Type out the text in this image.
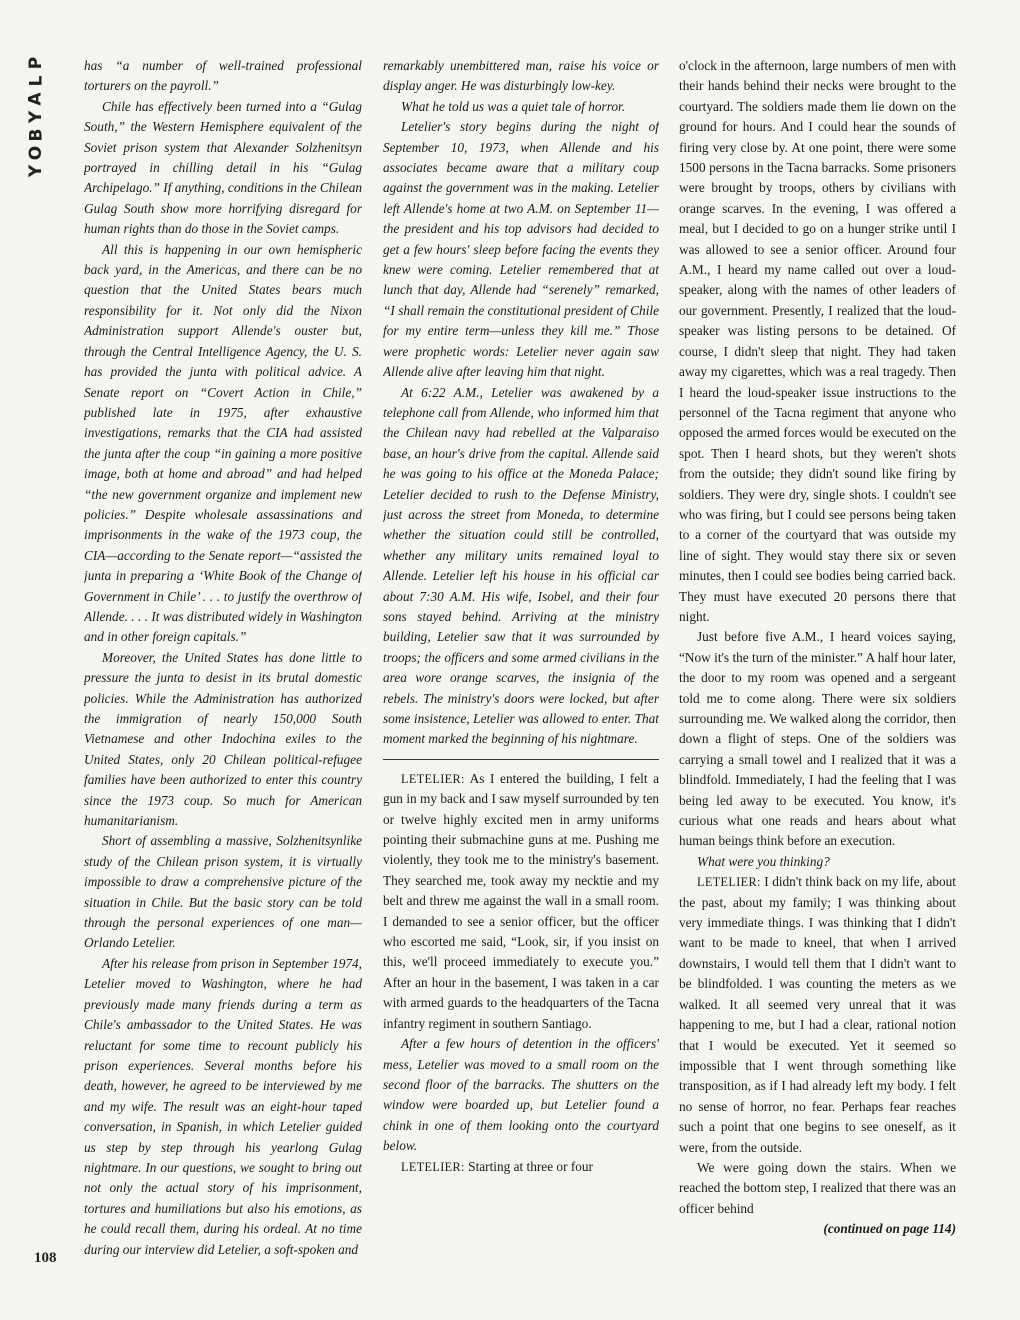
P
L
A
Y
B
O
Y
108

has “a number of well-trained professional torturers on the payroll.”

Chile has effectively been turned into a “Gulag South,” the Western Hemisphere equivalent of the Soviet prison system that Alexander Solzhenitsyn portrayed in chilling detail in his “Gulag Archipelago.” If anything, conditions in the Chilean Gulag South show more horrifying disregard for human rights than do those in the Soviet camps.

All this is happening in our own hemispheric back yard, in the Americas, and there can be no question that the United States bears much responsibility for it. Not only did the Nixon Administration support Allende's ouster but, through the Central Intelligence Agency, the U. S. has provided the junta with political advice. A Senate report on “Covert Action in Chile,” published late in 1975, after exhaustive investigations, remarks that the CIA had assisted the junta after the coup “in gaining a more positive image, both at home and abroad” and had helped “the new government organize and implement new policies.” Despite wholesale assassinations and imprisonments in the wake of the 1973 coup, the CIA—according to the Senate report—“assisted the junta in preparing a ‘White Book of the Change of Government in Chile’ . . . to justify the overthrow of Allende. . . . It was distributed widely in Washington and in other foreign capitals.”

Moreover, the United States has done little to pressure the junta to desist in its brutal domestic policies. While the Administration has authorized the immigration of nearly 150,000 South Vietnamese and other Indochina exiles to the United States, only 20 Chilean political-refugee families have been authorized to enter this country since the 1973 coup. So much for American humanitarianism.

Short of assembling a massive, Solzhenitsynlike study of the Chilean prison system, it is virtually impossible to draw a comprehensive picture of the situation in Chile. But the basic story can be told through the personal experiences of one man—Orlando Letelier.

After his release from prison in September 1974, Letelier moved to Washington, where he had previously made many friends during a term as Chile's ambassador to the United States. He was reluctant for some time to recount publicly his prison experiences. Several months before his death, however, he agreed to be interviewed by me and my wife. The result was an eight-hour taped conversation, in Spanish, in which Letelier guided us step by step through his yearlong Gulag nightmare. In our questions, we sought to bring out not only the actual story of his imprisonment, tortures and humiliations but also his emotions, as he could recall them, during his ordeal. At no time during our interview did Letelier, a soft-spoken and

remarkably unembittered man, raise his voice or display anger. He was disturbingly low-key.

What he told us was a quiet tale of horror.

Letelier's story begins during the night of September 10, 1973, when Allende and his associates became aware that a military coup against the government was in the making. Letelier left Allende's home at two A.M. on September 11—the president and his top advisors had decided to get a few hours' sleep before facing the events they knew were coming. Letelier remembered that at lunch that day, Allende had “serenely” remarked, “I shall remain the constitutional president of Chile for my entire term—unless they kill me.” Those were prophetic words: Letelier never again saw Allende alive after leaving him that night.

At 6:22 A.M., Letelier was awakened by a telephone call from Allende, who informed him that the Chilean navy had rebelled at the Valparaiso base, an hour's drive from the capital. Allende said he was going to his office at the Moneda Palace; Letelier decided to rush to the Defense Ministry, just across the street from Moneda, to determine whether the situation could still be controlled, whether any military units remained loyal to Allende. Letelier left his house in his official car about 7:30 A.M. His wife, Isobel, and their four sons stayed behind. Arriving at the ministry building, Letelier saw that it was surrounded by troops; the officers and some armed civilians in the area wore orange scarves, the insignia of the rebels. The ministry's doors were locked, but after some insistence, Letelier was allowed to enter. That moment marked the beginning of his nightmare.

LETELIER: As I entered the building, I felt a gun in my back and I saw myself surrounded by ten or twelve highly excited men in army uniforms pointing their submachine guns at me. Pushing me violently, they took me to the ministry's basement. They searched me, took away my necktie and my belt and threw me against the wall in a small room. I demanded to see a senior officer, but the officer who escorted me said, “Look, sir, if you insist on this, we'll proceed immediately to execute you.” After an hour in the basement, I was taken in a car with armed guards to the headquarters of the Tacna infantry regiment in southern Santiago.

After a few hours of detention in the officers' mess, Letelier was moved to a small room on the second floor of the barracks. The shutters on the window were boarded up, but Letelier found a chink in one of them looking onto the courtyard below.

LETELIER: Starting at three or four

o'clock in the afternoon, large numbers of men with their hands behind their necks were brought to the courtyard. The soldiers made them lie down on the ground for hours. And I could hear the sounds of firing very close by. At one point, there were some 1500 persons in the Tacna barracks. Some prisoners were brought by troops, others by civilians with orange scarves. In the evening, I was offered a meal, but I decided to go on a hunger strike until I was allowed to see a senior officer. Around four A.M., I heard my name called out over a loud-speaker, along with the names of other leaders of our government. Presently, I realized that the loud-speaker was listing persons to be detained. Of course, I didn't sleep that night. They had taken away my cigarettes, which was a real tragedy. Then I heard the loud-speaker issue instructions to the personnel of the Tacna regiment that anyone who opposed the armed forces would be executed on the spot. Then I heard shots, but they weren't shots from the outside; they didn't sound like firing by soldiers. They were dry, single shots. I couldn't see who was firing, but I could see persons being taken to a corner of the courtyard that was outside my line of sight. They would stay there six or seven minutes, then I could see bodies being carried back. They must have executed 20 persons there that night.

Just before five A.M., I heard voices saying, “Now it's the turn of the minister.” A half hour later, the door to my room was opened and a sergeant told me to come along. There were six soldiers surrounding me. We walked along the corridor, then down a flight of steps. One of the soldiers was carrying a small towel and I realized that it was a blindfold. Immediately, I had the feeling that I was being led away to be executed. You know, it's curious what one reads and hears about what human beings think before an execution.

What were you thinking?

LETELIER: I didn't think back on my life, about the past, about my family; I was thinking about very immediate things. I was thinking that I didn't want to be made to kneel, that when I arrived downstairs, I would tell them that I didn't want to be blindfolded. I was counting the meters as we walked. It all seemed very unreal that it was happening to me, but I had a clear, rational notion that I would be executed. Yet it seemed so impossible that I went through something like transposition, as if I had already left my body. I felt no sense of horror, no fear. Perhaps fear reaches such a point that one begins to see oneself, as it were, from the outside.

We were going down the stairs. When we reached the bottom step, I realized that there was an officer behind

(continued on page 114)
